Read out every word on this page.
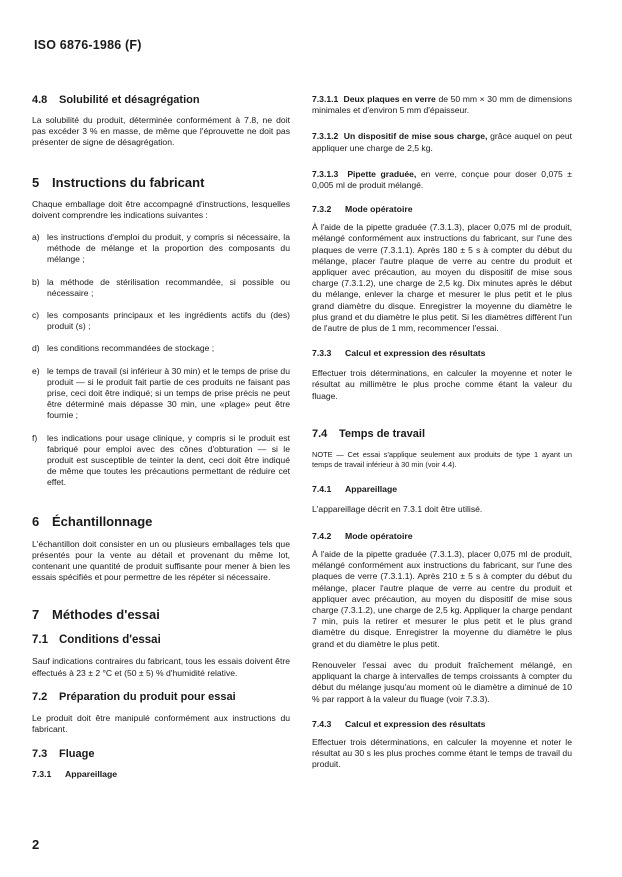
ISO 6876-1986 (F)
4.8 Solubilité et désagrégation

La solubilité du produit, déterminée conformément à 7.8, ne doit pas excéder 3 % en masse, de même que l'éprouvette ne doit pas présenter de signe de désagrégation.

5 Instructions du fabricant

Chaque emballage doit être accompagné d'instructions, lesquelles doivent comprendre les indications suivantes :

a) les instructions d'emploi du produit, y compris si nécessaire, la méthode de mélange et la proportion des composants du mélange ;
b) la méthode de stérilisation recommandée, si possible ou nécessaire ;
c) les composants principaux et les ingrédients actifs du (des) produit (s) ;
d) les conditions recommandées de stockage ;
e) le temps de travail (si inférieur à 30 min) et le temps de prise du produit — si le produit fait partie de ces produits ne faisant pas prise, ceci doit être indiqué; si un temps de prise précis ne peut être déterminé mais dépasse 30 min, une «plage» peut être fournie ;
f)	les indications pour usage clinique, y compris si le produit est fabriqué pour emploi avec des cônes d'obturation — si le produit est susceptible de teinter la dent, ceci doit être indiqué de même que toutes les précautions permettant de réduire cet effet.
6 Échantillonnage

L'échantillon doit consister en un ou plusieurs emballages tels que présentés pour la vente au détail et provenant du même lot, contenant une quantité de produit suffisante pour mener à bien les essais spécifiés et pour permettre de les répéter si nécessaire.

7 Méthodes d'essai
7.1 Conditions d'essai

Sauf indications contraires du fabricant, tous les essais doivent être effectués à 23 ± 2 °C et (50 ± 5) % d'humidité relative.

7.2 Préparation du produit pour essai

Le produit doit être manipulé conformément aux instructions du fabricant.

7.3 Fluage
7.3.1 Appareillage

7.3.1.1 Deux plaques en verre de 50 mm × 30 mm de dimensions minimales et d'environ 5 mm d'épaisseur.

7.3.1.2 Un dispositif de mise sous charge, grâce auquel on peut appliquer une charge de 2,5 kg.

7.3.1.3 Pipette graduée, en verre, conçue pour doser 0,075 ± 0,005 ml de produit mélangé.

7.3.2 Mode opératoire

À l'aide de la pipette graduée (7.3.1.3), placer 0,075 ml de produit, mélangé conformément aux instructions du fabricant, sur l'une des plaques de verre (7.3.1.1). Après 180 ± 5 s à compter du début du mélange, placer l'autre plaque de verre au centre du produit et appliquer avec précaution, au moyen du dispositif de mise sous charge (7.3.1.2), une charge de 2,5 kg. Dix minutes après le début du mélange, enlever la charge et mesurer le plus petit et le plus grand diamètre du disque. Enregistrer la moyenne du diamètre le plus grand et du diamètre le plus petit. Si les diamètres diffèrent l'un de l'autre de plus de 1 mm, recommencer l'essai.

7.3.3 Calcul et expression des résultats

Effectuer trois déterminations, en calculer la moyenne et noter le résultat au millimètre le plus proche comme étant la valeur du fluage.

7.4 Temps de travail

NOTE — Cet essai s'applique seulement aux produits de type 1 ayant un temps de travail inférieur à 30 min (voir 4.4).

7.4.1 Appareillage

L'appareillage décrit en 7.3.1 doit être utilisé.

7.4.2 Mode opératoire

À l'aide de la pipette graduée (7.3.1.3), placer 0,075 ml de produit, mélangé conformément aux instructions du fabricant, sur l'une des plaques de verre (7.3.1.1). Après 210 ± 5 s à compter du début du mélange, placer l'autre plaque de verre au centre du produit et appliquer avec précaution, au moyen du dispositif de mise sous charge (7.3.1.2), une charge de 2,5 kg. Appliquer la charge pendant 7 min, puis la retirer et mesurer le plus petit et le plus grand diamètre du disque. Enregistrer la moyenne du diamètre le plus grand et du diamètre le plus petit.

Renouveler l'essai avec du produit fraîchement mélangé, en appliquant la charge à intervalles de temps croissants à compter du début du mélange jusqu'au moment où le diamètre a diminué de 10 % par rapport à la valeur du fluage (voir 7.3.3).

7.4.3 Calcul et expression des résultats

Effectuer trois déterminations, en calculer la moyenne et noter le résultat au 30 s les plus proches comme étant le temps de travail du produit.

2
